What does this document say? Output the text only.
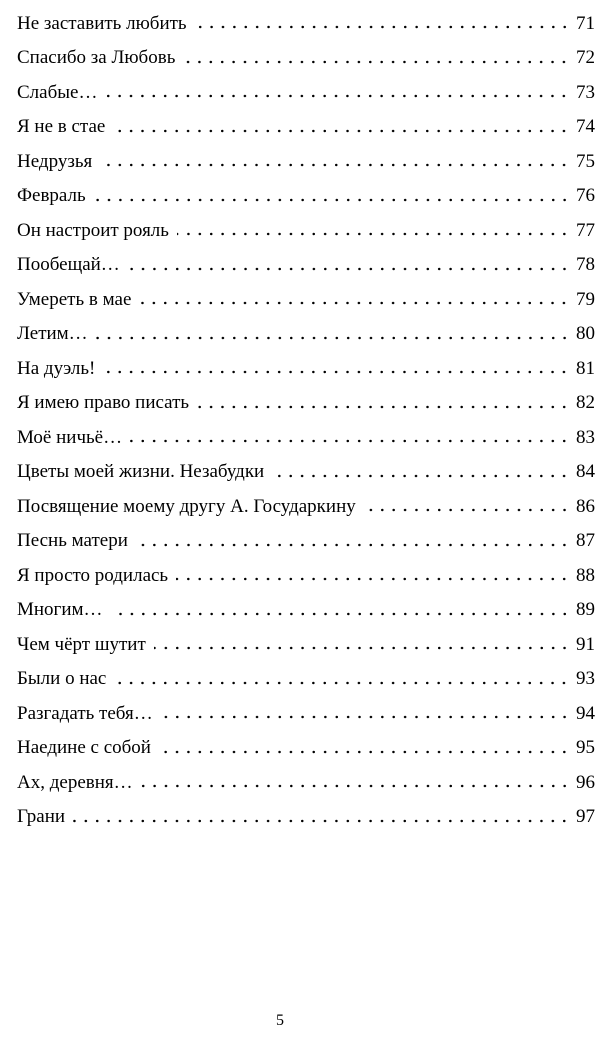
Не заставить любить	71
Спасибо за Любовь	72
Слабые…	73
Я не в стае	74
Недрузья	75
Февраль	76
Он настроит рояль	77
Пообещай…	78
Умереть в мае	79
Летим…	80
На дуэль!	81
Я имею право писать	82
Моё ничьё…	83
Цветы моей жизни. Незабудки	84
Посвящение моему другу А. Государкину	86
Песнь матери	87
Я просто родилась	88
Многим…	89
Чем чёрт шутит	91
Были о нас	93
Разгадать тебя…	94
Наедине с собой	95
Ах, деревня…	96
Грани	97
5
